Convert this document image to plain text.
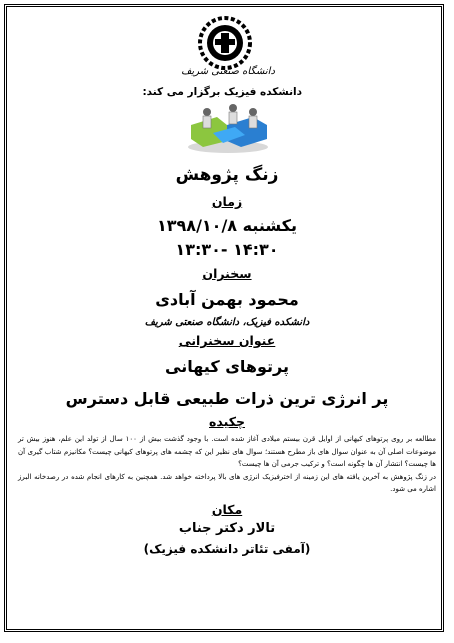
دانشگاه صنعتی شریف
دانشکده فیزیک برگزار می کند:
زنگ پژوهش
زمان
یکشنبه ۱۳۹۸/۱۰/۸
۱۴:۳۰ -۱۳:۳۰
سخنران
محمود بهمن آبادی
دانشکده فیزیک، دانشگاه صنعتی شریف
عنوان سخنرانی
پرتوهای کیهانی
پر انرژی ترین ذرات طبیعی قابل دسترس
چکیده

مطالعه بر روی پرتوهای کیهانی از اوایل قرن بیستم میلادی آغاز شده است. با وجود گذشت بیش از ۱۰۰ سال از تولد این علم، هنوز بیش تر موضوعات اصلی آن به عنوان سوال های باز مطرح هستند؛ سوال های نظیر این که چشمه های پرتوهای کیهانی چیست؟ مکانیزم شتاب گیری آن ها چیست؟ انتشار آن ها چگونه است؟ و ترکیب جرمی آن ها چیست؟

در زنگ پژوهش به آخرین یافته های این زمینه از اخترفیزیک انرژی های بالا پرداخته خواهد شد. همچنین به کارهای انجام شده در رصدخانه البرز اشاره می شود.

مکان
تالار دکتر جناب
(آمفی تئاتر دانشکده فیزیک)
